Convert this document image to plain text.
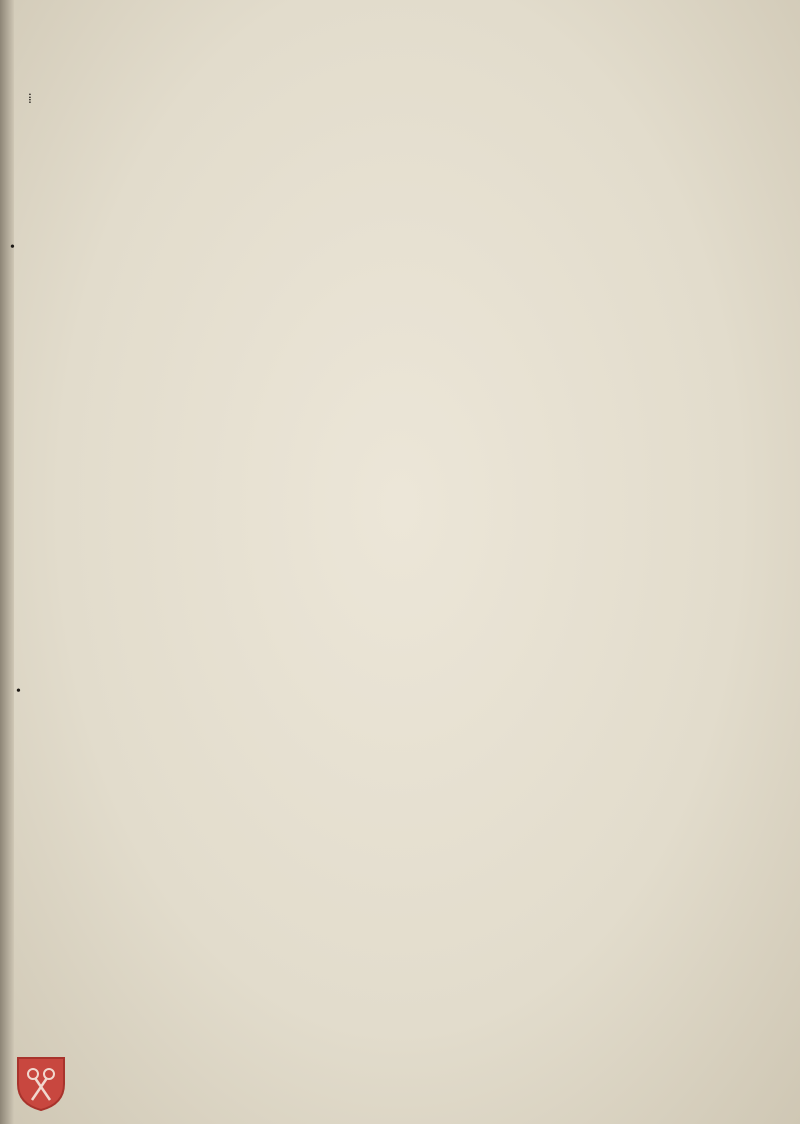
⁞
•
•
